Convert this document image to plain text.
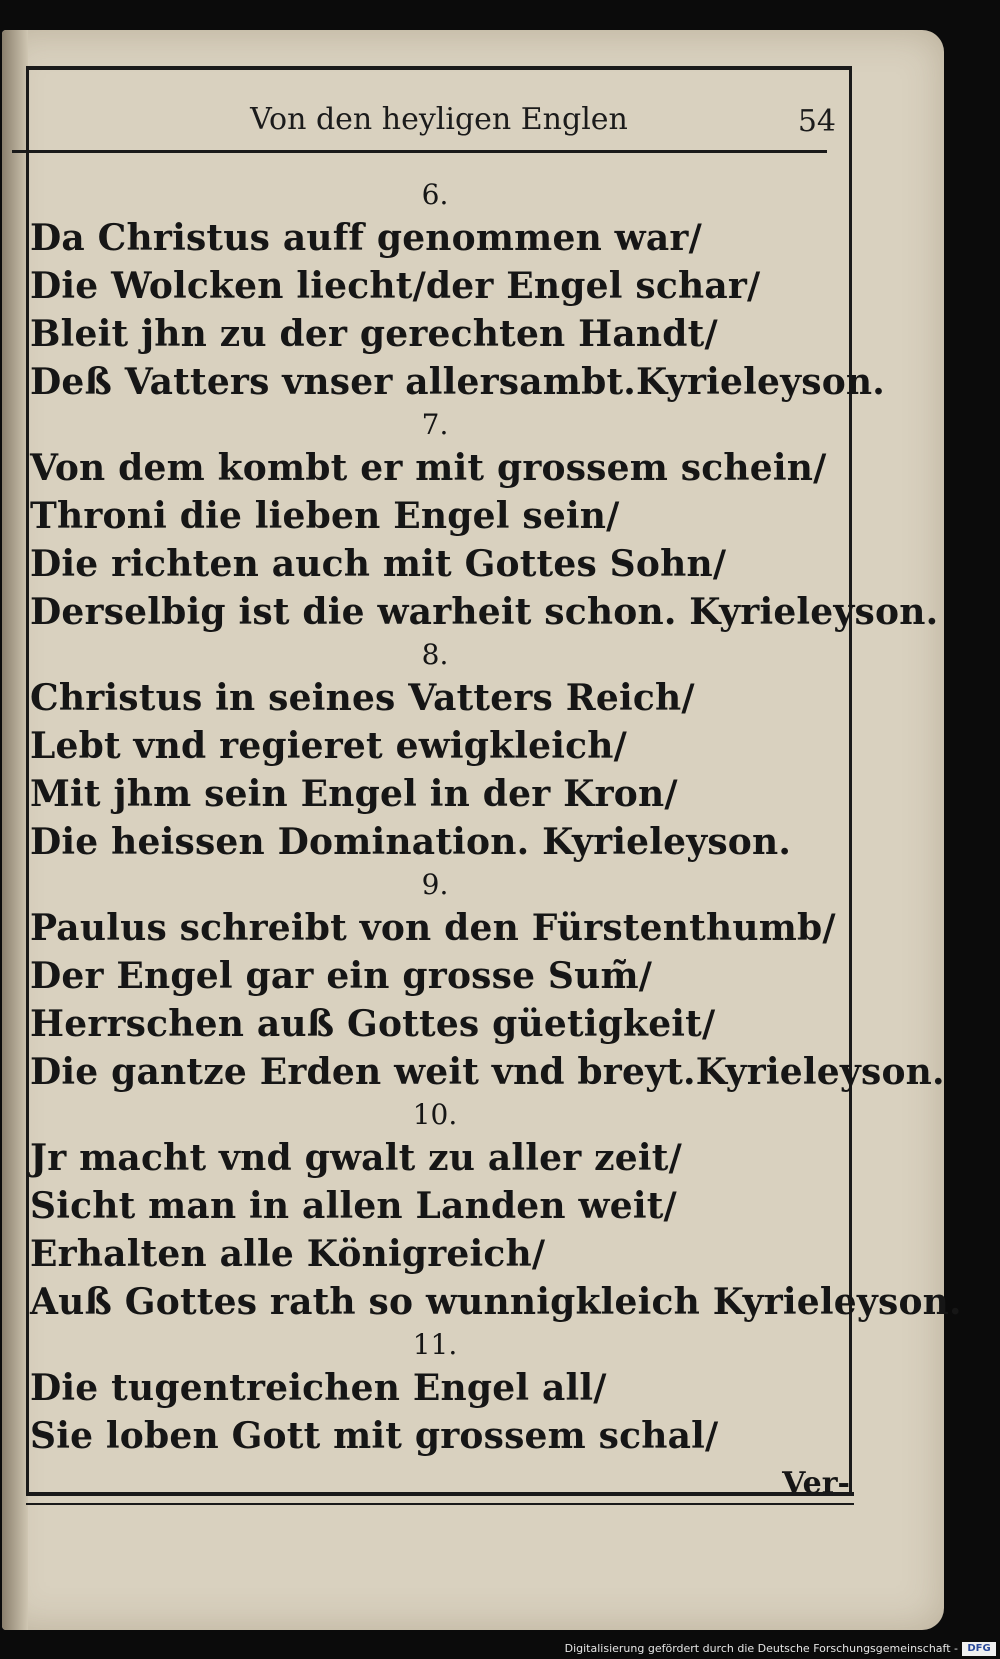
Von den heyligen Englen	54
6.
Da Christus auff genommen war/
Die Wolcken liecht/der Engel schar/
Bleit jhn zu der gerechten Handt/
Deß Vatters vnser allersambt.Kyrieleyson.
7.
Von dem kombt er mit grossem schein/
Throni die lieben Engel sein/
Die richten auch mit Gottes Sohn/
Derselbig ist die warheit schon. Kyrieleyson.
8.
Christus in seines Vatters Reich/
Lebt vnd regieret ewigkleich/
Mit jhm sein Engel in der Kron/
Die heissen Domination. Kyrieleyson.
9.
Paulus schreibt von den Fürstenthumb/
Der Engel gar ein grosse Sum̃/
Herrschen auß Gottes güetigkeit/
Die gantze Erden weit vnd breyt.Kyrieleyson.
10.
Jr macht vnd gwalt zu aller zeit/
Sicht man in allen Landen weit/
Erhalten alle Königreich/
Auß Gottes rath so wunnigkleich Kyrieleyson.
11.
Die tugentreichen Engel all/
Sie loben Gott mit grossem schal/
Ver-
Digitalisierung gefördert durch die Deutsche Forschungsgemeinschaft - DFG
